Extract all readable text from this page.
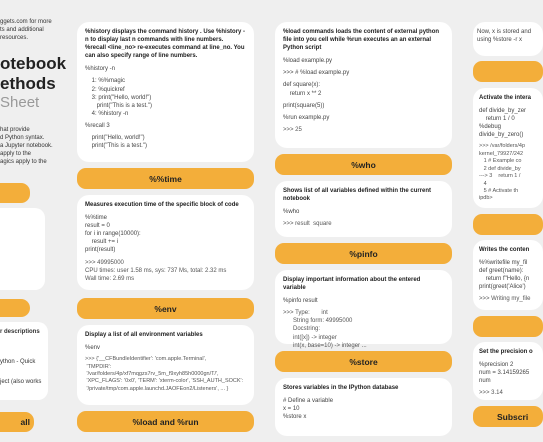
ggets.com for more
ts and additional
resources.
otebook
ethods
Sheet
hat provide
d Python syntax.
a Jupyter notebook.
apply to the
agics apply to the
r descriptions
ython - Quick
ject (also works
all
%history displays the command history . Use %history -n to display last n commands with line numbers. %recall <line_no> re-executes command at line_no. You can also specify range of line numbers.
%history -n
1: %%magic
2: %quickref
3: print("Hello, world!")
print("This is a test.")
4: %history -n
%recall 3
print("Hello, world!")
print("This is a test.")
%%time
Measures execution time of the specific block of code
%%time
result = 0
for i in range(10000):
result += i
print(result)
>>> 49995000
CPU times: user 1.58 ms, sys: 737 Ms, total: 2.32 ms
Wall time: 2.69 ms
%env
Display a list of all environment variables
%env
>>> {'__CFBundleIdentifier': 'com.apple.Terminal',
'TMPDIR':
'/var/folders/4p/xf7mqgzs7rv_5m_f9xyh85h0000gn/T/',
'XPC_FLAGS': '0x0', 'TERM': 'xterm-color', 'SSH_AUTH_SOCK':
'/private/tmp/com.apple.launchd.JAOFEon2/Listeners', ... }
%load and %run
%load commands loads the content of external python file into you cell while %run executes an an external Python script
%load example.py
>>> # %load example.py
def square(x):
return x ** 2
print(square(5))
%run example.py
>>> 25
%who
Shows list of all variables defined within the current notebook
%who
>>> result  square
%pinfo
Display important information about the entered variable
%pinfo result
>>> Type:       int
String form: 49995000
Docstring:
int([x]) -> integer
int(x, base=10) -> integer ...
%store
Stores variables in the IPython database
# Define a variable
x = 10
%store x
Now, x is stored and
using %store -r x
Activate the intera
def divide_by_zer
return 1 / 0
%debug
divide_by_zero()
>>> /var/folders/4p
kernel_79927/242
1 # Example co
2 def divide_by
---> 3    return 1 /
4
5 # Activate th
ipdb>
Writes the conten
%%writefile my_fil
def greet(name):
return f"Hello, {n
print(greet('Alice')
>>> Writing my_file
Set the precision o
%precision 2
num = 3.14159265
num
>>> 3.14
Subscri
